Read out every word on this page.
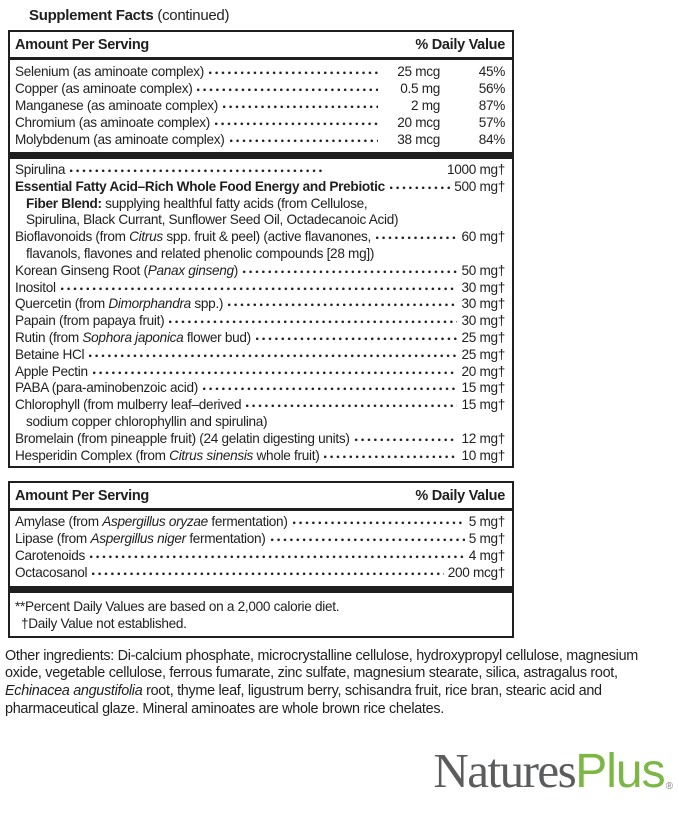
Supplement Facts (continued)
Amount Per Serving	% Daily Value
Selenium (as aminoate complex)	25 mcg	45%
Copper (as aminoate complex)	0.5 mg	56%
Manganese (as aminoate complex)	2 mg	87%
Chromium (as aminoate complex)	20 mcg	57%
Molybdenum (as aminoate complex)	38 mcg	84%
Spirulina	1000 mg†
Essential Fatty Acid–Rich Whole Food Energy and Prebiotic	500 mg†
Fiber Blend: supplying healthful fatty acids (from Cellulose,
Spirulina, Black Currant, Sunflower Seed Oil, Octadecanoic Acid)
Bioflavonoids (from Citrus spp. fruit & peel) (active flavanones,	60 mg†
flavanols, flavones and related phenolic compounds [28 mg])
Korean Ginseng Root (Panax ginseng)	50 mg†
Inositol	30 mg†
Quercetin (from Dimorphandra spp.)	30 mg†
Papain (from papaya fruit)	30 mg†
Rutin (from Sophora japonica flower bud)	25 mg†
Betaine HCl	25 mg†
Apple Pectin	20 mg†
PABA (para-aminobenzoic acid)	15 mg†
Chlorophyll (from mulberry leaf–derived	15 mg†
sodium copper chlorophyllin and spirulina)
Bromelain (from pineapple fruit) (24 gelatin digesting units)	12 mg†
Hesperidin Complex (from Citrus sinensis whole fruit)	10 mg†
Amount Per Serving	% Daily Value
Amylase (from Aspergillus oryzae fermentation)	5 mg†
Lipase (from Aspergillus niger fermentation)	5 mg†
Carotenoids	4 mg†
Octacosanol	200 mcg†
**Percent Daily Values are based on a 2,000 calorie diet.
†Daily Value not established.
Other ingredients: Di-calcium phosphate, microcrystalline cellulose, hydroxypropyl cellulose, magnesium oxide, vegetable cellulose, ferrous fumarate, zinc sulfate, magnesium stearate, silica, astragalus root, Echinacea angustifolia root, thyme leaf, ligustrum berry, schisandra fruit, rice bran, stearic acid and pharmaceutical glaze. Mineral aminoates are whole brown rice chelates.
NaturesPlus®
